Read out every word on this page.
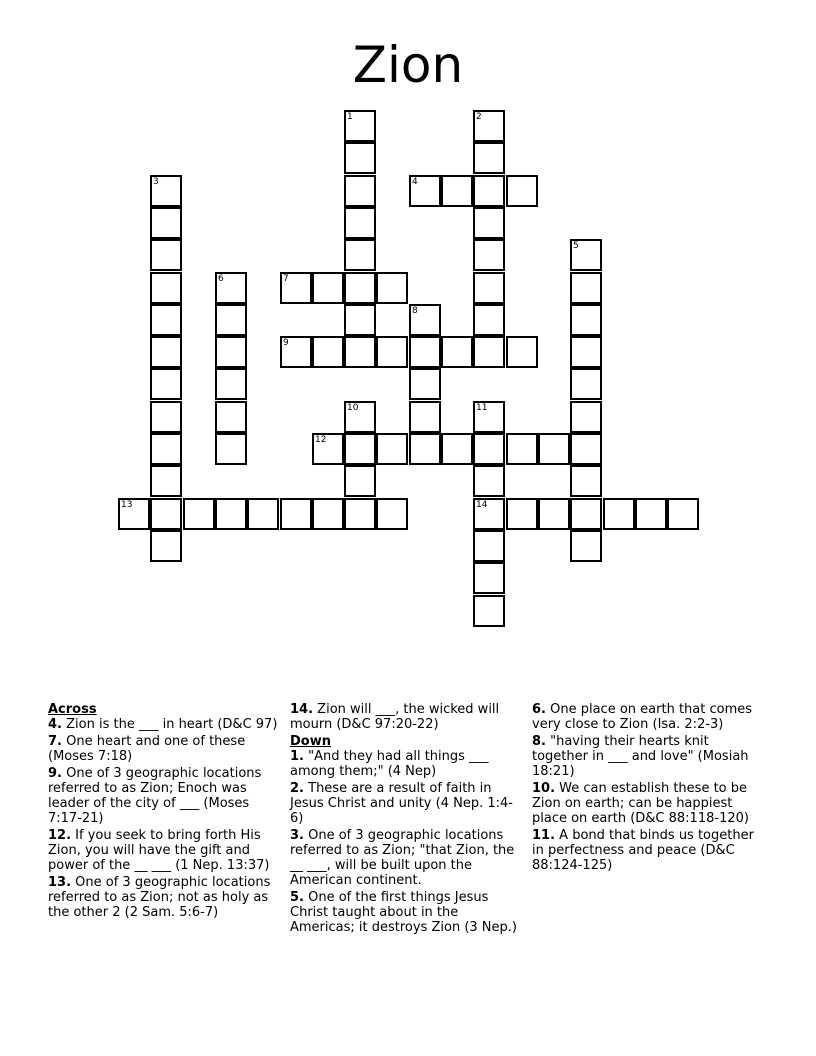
Zion
4
7
9
12
13	14
1	2
3
5
6
8
10	11
Across
4. Zion is the ___ in heart (D&C 97)
7. One heart and one of these (Moses 7:18)
9. One of 3 geographic locations referred to as Zion; Enoch was leader of the city of ___ (Moses 7:17-21)
12. If you seek to bring forth His Zion, you will have the gift and power of the __ ___ (1 Nep. 13:37)
13. One of 3 geographic locations referred to as Zion; not as holy as the other 2 (2 Sam. 5:6-7)
14. Zion will ___, the wicked will mourn (D&C 97:20-22)
Down
1. "And they had all things ___ among them;" (4 Nep)
2. These are a result of faith in Jesus Christ and unity (4 Nep. 1:4-6)
3. One of 3 geographic locations referred to as Zion; "that Zion, the __ ___, will be built upon the American continent.
5. One of the first things Jesus Christ taught about in the Americas; it destroys Zion (3 Nep.)
6. One place on earth that comes very close to Zion (Isa. 2:2-3)
8. "having their hearts knit together in ___ and love" (Mosiah 18:21)
10. We can establish these to be Zion on earth; can be happiest place on earth (D&C 88:118-120)
11. A bond that binds us together in perfectness and peace (D&C 88:124-125)
